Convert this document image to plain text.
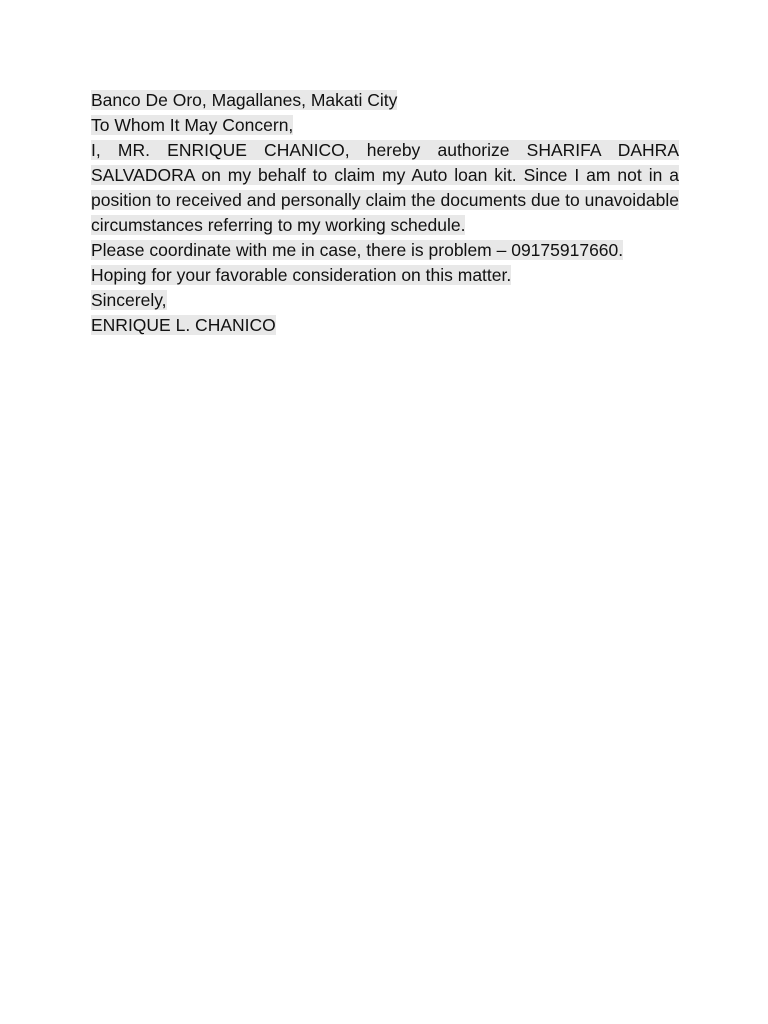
Banco De Oro, Magallanes, Makati City

To Whom It May Concern,

I, MR. ENRIQUE CHANICO, hereby authorize SHARIFA DAHRA SALVADORA on my behalf to claim my Auto loan kit. Since I am not in a position to received and personally claim the documents due to unavoidable circumstances referring to my working schedule.

Please coordinate with me in case, there is problem – 09175917660.

Hoping for your favorable consideration on this matter.

Sincerely,

ENRIQUE L. CHANICO
